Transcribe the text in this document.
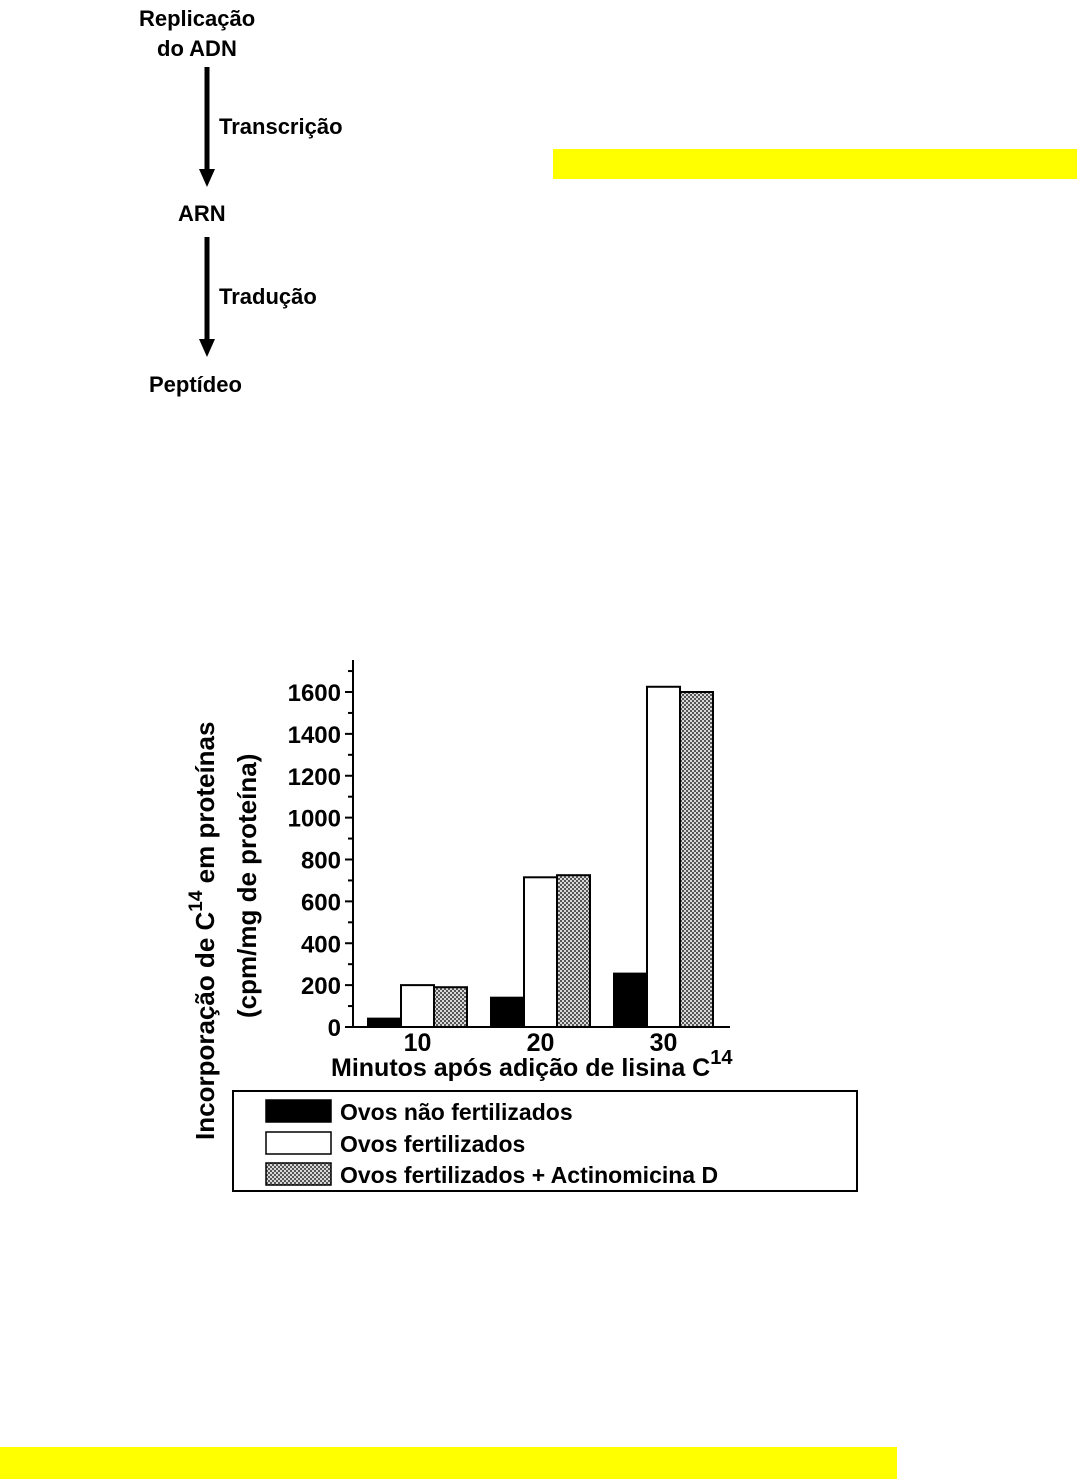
Replicação
do ADN
Transcrição
ARN
Tradução
Peptídeo
Incorporação de $C^{14}$ em proteínas (cpm/mg de proteína)
0
200
400
600
800
1000
1200
1400
1600
10	20	30
Minutos após adição de lisina $C^{14}$
Ovos não fertilizados
Ovos fertilizados
Ovos fertilizados + Actinomicina D
